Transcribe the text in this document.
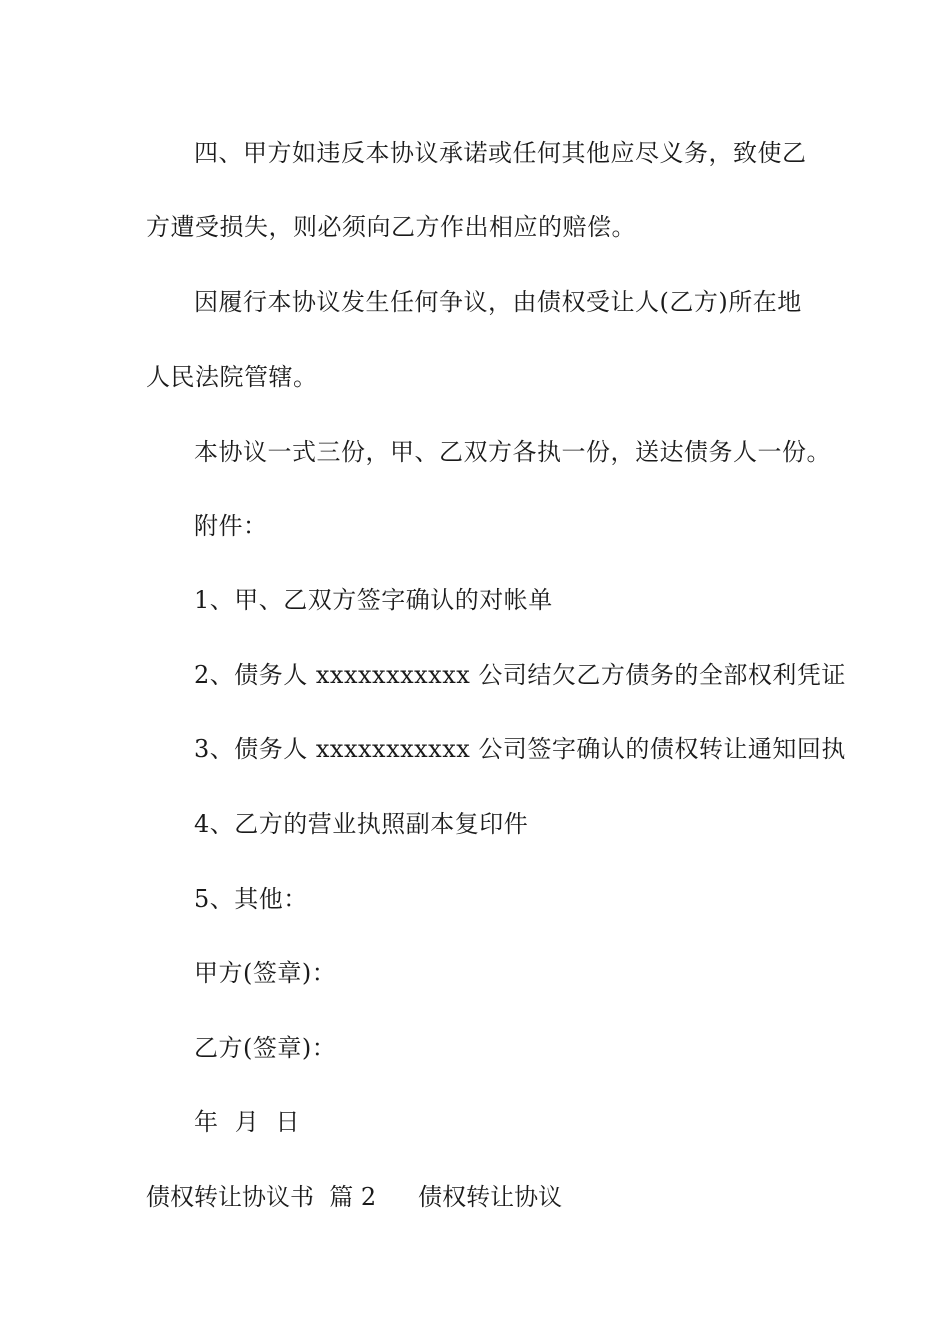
四、甲方如违反本协议承诺或任何其他应尽义务，致使乙
方遭受损失，则必须向乙方作出相应的赔偿。
因履行本协议发生任何争议，由债权受让人(乙方)所在地
人民法院管辖。
本协议一式三份，甲、乙双方各执一份，送达债务人一份。
附件：
1、甲、乙双方签字确认的对帐单
2、债务人 xxxxxxxxxxx 公司结欠乙方债务的全部权利凭证
3、债务人 xxxxxxxxxxx 公司签字确认的债权转让通知回执
4、乙方的营业执照副本复印件
5、其他：
甲方(签章)：
乙方(签章)：
年  月  日
债权转让协议书  篇 2 债权转让协议
